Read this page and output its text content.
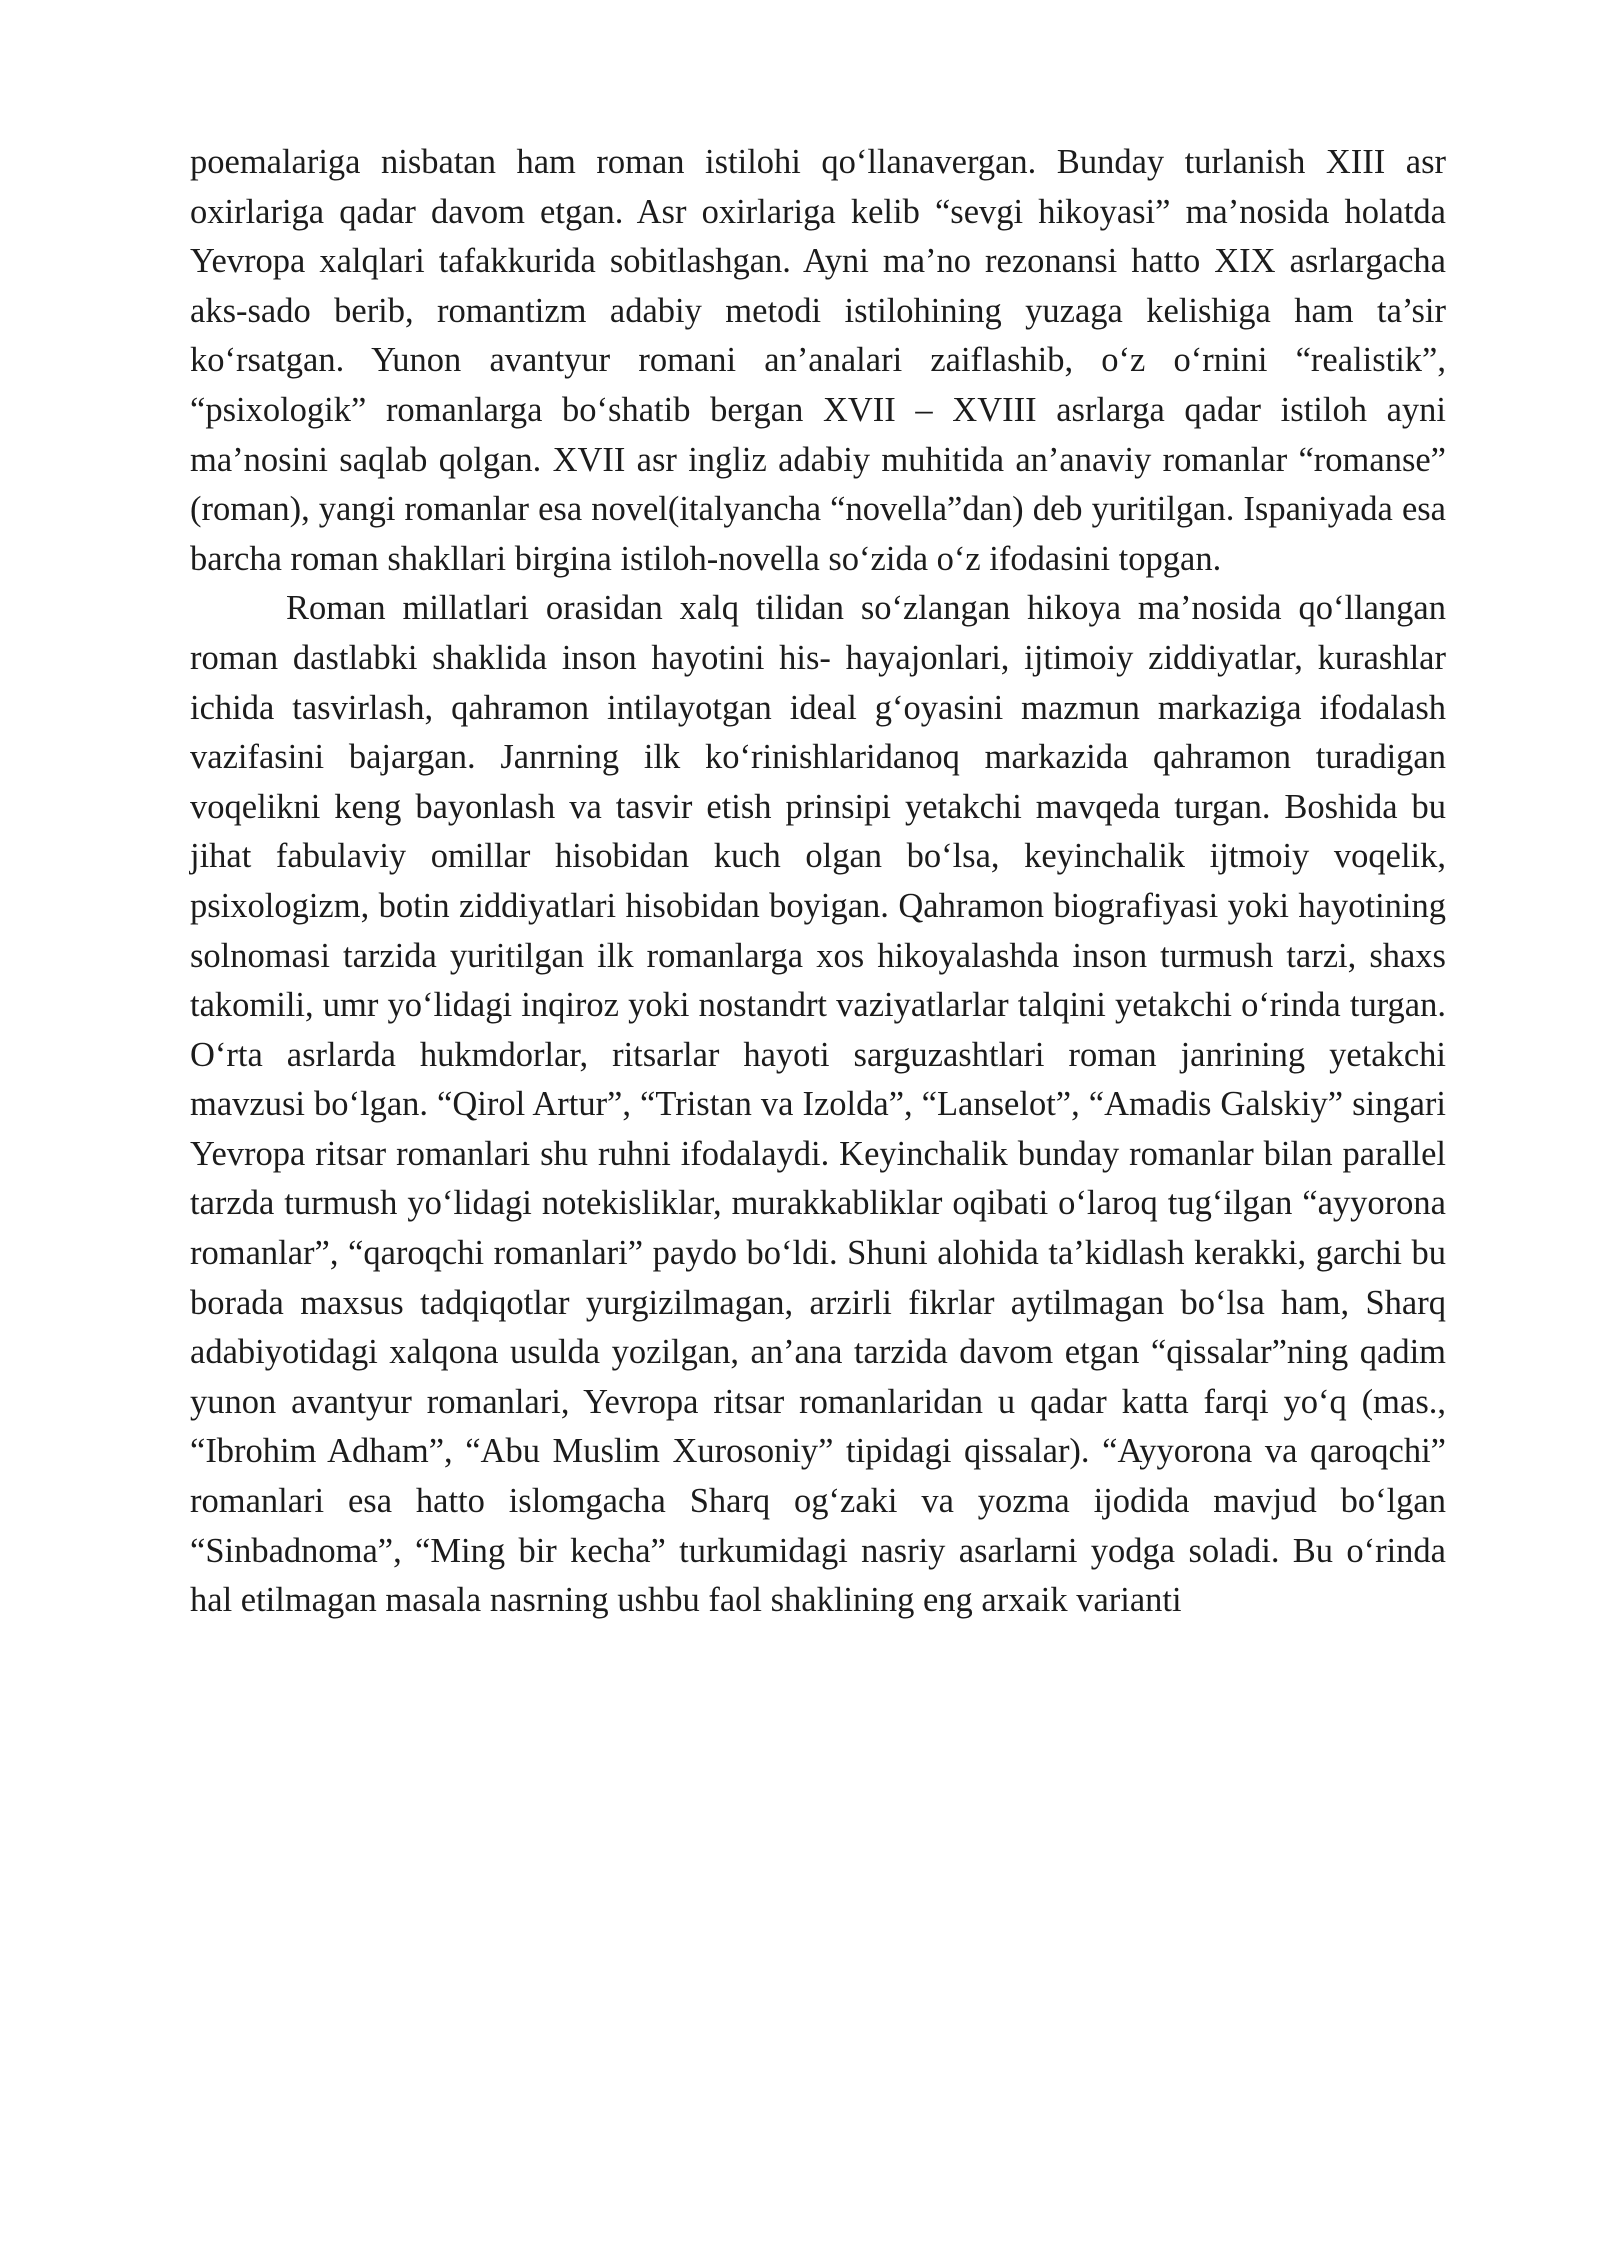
poemalariga nisbatan ham roman istilohi qo‘llanavergan. Bunday turlanish XIII asr oxirlariga qadar davom etgan. Asr oxirlariga kelib “sevgi hikoyasi” ma’nosida holatda Yevropa xalqlari tafakkurida sobitlashgan. Ayni ma’no rezonansi hatto XIX asrlargacha aks-sado berib, romantizm adabiy metodi istilohining yuzaga kelishiga ham ta’sir ko‘rsatgan. Yunon avantyur romani an’analari zaiflashib, o‘z o‘rnini “realistik”, “psixologik” romanlarga bo‘shatib bergan XVII – XVIII asrlarga qadar istiloh ayni ma’nosini saqlab qolgan. XVII asr ingliz adabiy muhitida an’anaviy romanlar “romanse” (roman), yangi romanlar esa novel(italyancha “novella”dan) deb yuritilgan. Ispaniyada esa barcha roman shakllari birgina istiloh-novella so‘zida o‘z ifodasini topgan.

Roman millatlari orasidan xalq tilidan so‘zlangan hikoya ma’nosida qo‘llangan roman dastlabki shaklida inson hayotini his- hayajonlari, ijtimoiy ziddiyatlar, kurashlar ichida tasvirlash, qahramon intilayotgan ideal g‘oyasini mazmun markaziga ifodalash vazifasini bajargan. Janrning ilk ko‘rinishlaridanoq markazida qahramon turadigan voqelikni keng bayonlash va tasvir etish prinsipi yetakchi mavqeda turgan. Boshida bu jihat fabulaviy omillar hisobidan kuch olgan bo‘lsa, keyinchalik ijtmoiy voqelik, psixologizm, botin ziddiyatlari hisobidan boyigan. Qahramon biografiyasi yoki hayotining solnomasi tarzida yuritilgan ilk romanlarga xos hikoyalashda inson turmush tarzi, shaxs takomili, umr yo‘lidagi inqiroz yoki nostandrt vaziyatlarlar talqini yetakchi o‘rinda turgan. O‘rta asrlarda hukmdorlar, ritsarlar hayoti sarguzashtlari roman janrining yetakchi mavzusi bo‘lgan. “Qirol Artur”, “Tristan va Izolda”, “Lanselot”, “Amadis Galskiy” singari Yevropa ritsar romanlari shu ruhni ifodalaydi. Keyinchalik bunday romanlar bilan parallel tarzda turmush yo‘lidagi notekisliklar, murakkabliklar oqibati o‘laroq tug‘ilgan “ayyorona romanlar”, “qaroqchi romanlari” paydo bo‘ldi. Shuni alohida ta’kidlash kerakki, garchi bu borada maxsus tadqiqotlar yurgizilmagan, arzirli fikrlar aytilmagan bo‘lsa ham, Sharq adabiyotidagi xalqona usulda yozilgan, an’ana tarzida davom etgan “qissalar”ning qadim yunon avantyur romanlari, Yevropa ritsar romanlaridan u qadar katta farqi yo‘q (mas., “Ibrohim Adham”, “Abu Muslim Xurosoniy” tipidagi qissalar). “Ayyorona va qaroqchi” romanlari esa hatto islomgacha Sharq og‘zaki va yozma ijodida mavjud bo‘lgan “Sinbadnoma”, “Ming bir kecha” turkumidagi nasriy asarlarni yodga soladi. Bu o‘rinda hal etilmagan masala nasrning ushbu faol shaklining eng arxaik varianti
